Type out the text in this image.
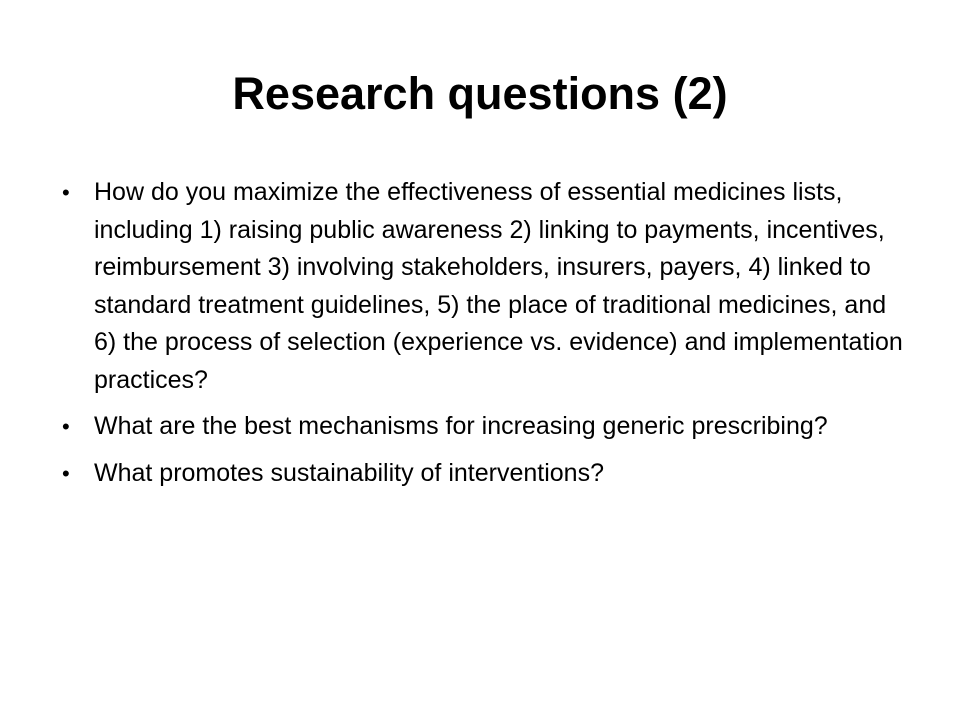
Research questions (2)
• How do you maximize the effectiveness of essential medicines lists, including 1) raising public awareness 2) linking to payments, incentives, reimbursement 3) involving stakeholders, insurers, payers, 4) linked to standard treatment guidelines, 5) the place of traditional medicines, and 6) the process of selection (experience vs. evidence) and implementation practices?
• What are the best mechanisms for increasing generic prescribing?
• What promotes sustainability of interventions?
